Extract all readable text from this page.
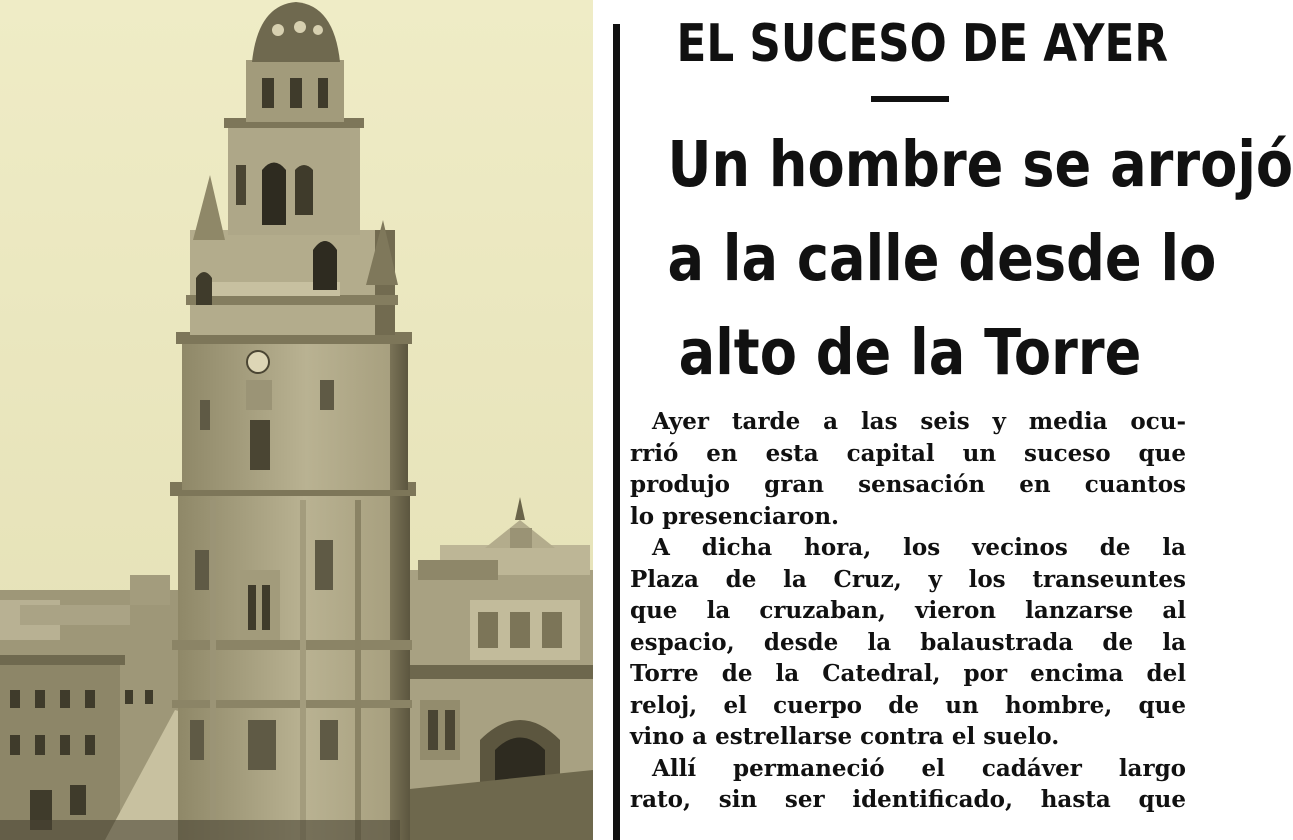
EL SUCESO DE AYER
Un hombre se arrojó
a la calle desde lo
alto de la Torre
Ayer tarde a las seis y media ocu-
rrió en esta capital un suceso que
produjo gran sensación en cuantos
lo presenciaron.
A dicha hora, los vecinos de la
Plaza de la Cruz, y los transeuntes
que la cruzaban, vieron lanzarse al
espacio, desde la balaustrada de la
Torre de la Catedral, por encima del
reloj, el cuerpo de un hombre, que
vino a estrellarse contra el suelo.
Allí permaneció el cadáver largo
rato, sin ser identificado, hasta que
